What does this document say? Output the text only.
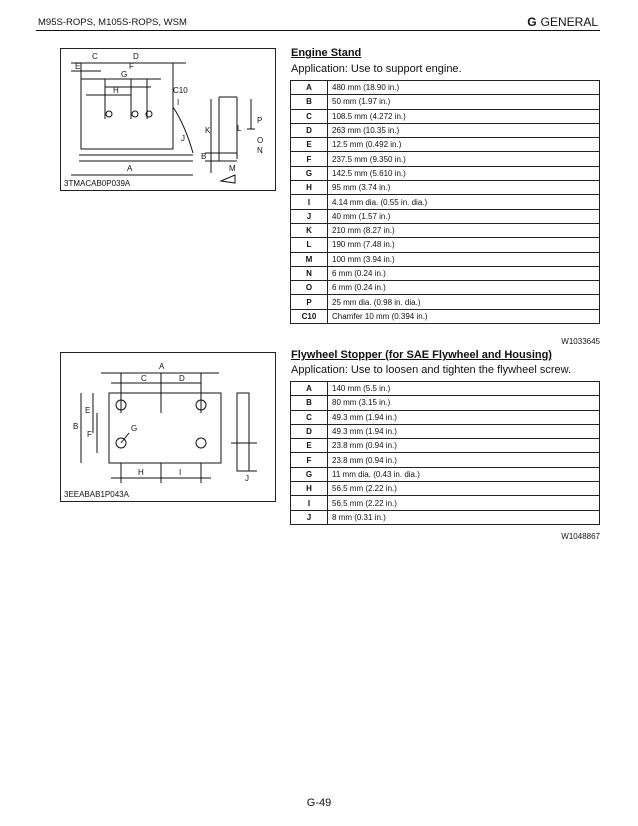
M95S-ROPS, M105S-ROPS, WSM	G GENERAL
C	D
E	F
G
H	C10
I
K	L
P
O
N
J
B
M
A
3TMACAB0P039A
Engine Stand
Application: Use to support engine.
A	480 mm (18.90 in.)
B	50 mm (1.97 in.)
C	108.5 mm (4.272 in.)
D	263 mm (10.35 in.)
E	12.5 mm (0.492 in.)
F	237.5 mm (9.350 in.)
G	142.5 mm (5.610 in.)
H	95 mm (3.74 in.)
I	4.14 mm dia. (0.55 in. dia.)
J	40 mm (1.57 in.)
K	210 mm (8.27 in.)
L	190 mm (7.48 in.)
M	100 mm (3.94 in.)
N	6 mm (0.24 in.)
O	6 mm (0.24 in.)
P	25 mm dia. (0.98 in. dia.)
C10	Chamfer 10 mm (0.394 in.)
W1033645
A
C	D
E
B
F
G
H	I
J
3EEABAB1P043A
Flywheel Stopper (for SAE Flywheel and Housing)
Application: Use to loosen and tighten the flywheel screw.
A	140 mm (5.5 in.)
B	80 mm (3.15 in.)
C	49.3 mm (1.94 in.)
D	49.3 mm (1.94 in.)
E	23.8 mm (0.94 in.)
F	23.8 mm (0.94 in.)
G	11 mm dia. (0.43 in. dia.)
H	56.5 mm (2.22 in.)
I	56.5 mm (2.22 in.)
J	8 mm (0.31 in.)
W1048867
G-49
